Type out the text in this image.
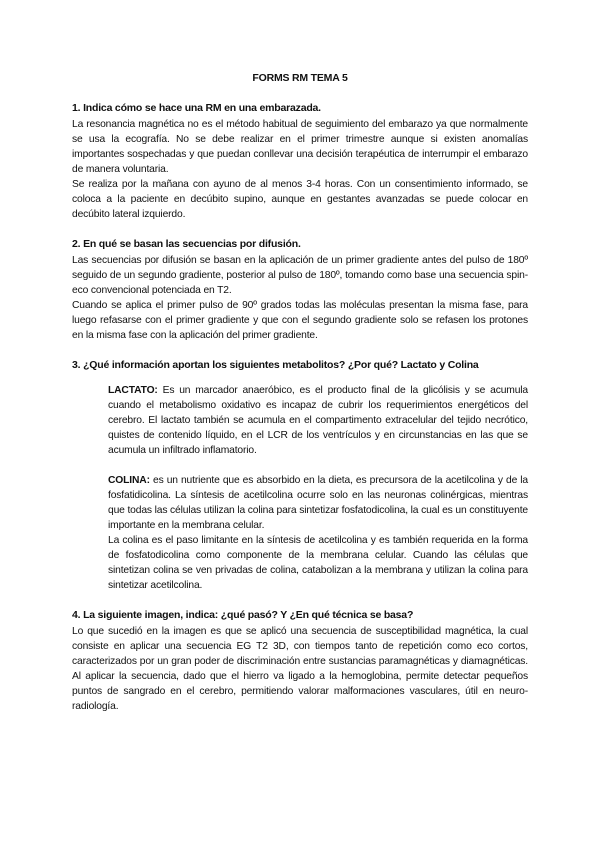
FORMS RM TEMA 5
1. Indica cómo se hace una RM en una embarazada.

La resonancia magnética no es el método habitual de seguimiento del embarazo ya que normalmente se usa la ecografía. No se debe realizar en el primer trimestre aunque si existen anomalías importantes sospechadas y que puedan conllevar una decisión terapéutica de interrumpir el embarazo de manera voluntaria.

Se realiza por la mañana con ayuno de al menos 3-4 horas. Con un consentimiento informado, se coloca a la paciente en decúbito supino, aunque en gestantes avanzadas se puede colocar en decúbito lateral izquierdo.

2. En qué se basan las secuencias por difusión.

Las secuencias por difusión se basan en la aplicación de un primer gradiente antes del pulso de 180º seguido de un segundo gradiente, posterior al pulso de 180º, tomando como base una secuencia spin-eco convencional potenciada en T2.

Cuando se aplica el primer pulso de 90º grados todas las moléculas presentan la misma fase, para luego refasarse con el primer gradiente y que con el segundo gradiente solo se refasen los protones en la misma fase con la aplicación del primer gradiente.

3. ¿Qué información aportan los siguientes metabolitos? ¿Por qué? Lactato y Colina

LACTATO: Es un marcador anaeróbico, es el producto final de la glicólisis y se acumula cuando el metabolismo oxidativo es incapaz de cubrir los requerimientos energéticos del cerebro. El lactato también se acumula en el compartimento extracelular del tejido necrótico, quistes de contenido líquido, en el LCR de los ventrículos y en circunstancias en las que se acumula un infiltrado inflamatorio.

COLINA: es un nutriente que es absorbido en la dieta, es precursora de la acetilcolina y de la fosfatidicolina. La síntesis de acetilcolina ocurre solo en las neuronas colinérgicas, mientras que todas las células utilizan la colina para sintetizar fosfatodicolina, la cual es un constituyente importante en la membrana celular.

La colina es el paso limitante en la síntesis de acetilcolina y es también requerida en la forma de fosfatodicolina como componente de la membrana celular. Cuando las células que sintetizan colina se ven privadas de colina, catabolizan a la membrana y utilizan la colina para sintetizar acetilcolina.

4. La siguiente imagen, indica: ¿qué pasó? Y ¿En qué técnica se basa?

Lo que sucedió en la imagen es que se aplicó una secuencia de susceptibilidad magnética, la cual consiste en aplicar una secuencia EG T2 3D, con tiempos tanto de repetición como eco cortos, caracterizados por un gran poder de discriminación entre sustancias paramagnéticas y diamagnéticas. Al aplicar la secuencia, dado que el hierro va ligado a la hemoglobina, permite detectar pequeños puntos de sangrado en el cerebro, permitiendo valorar malformaciones vasculares, útil en neuro-radiología.
